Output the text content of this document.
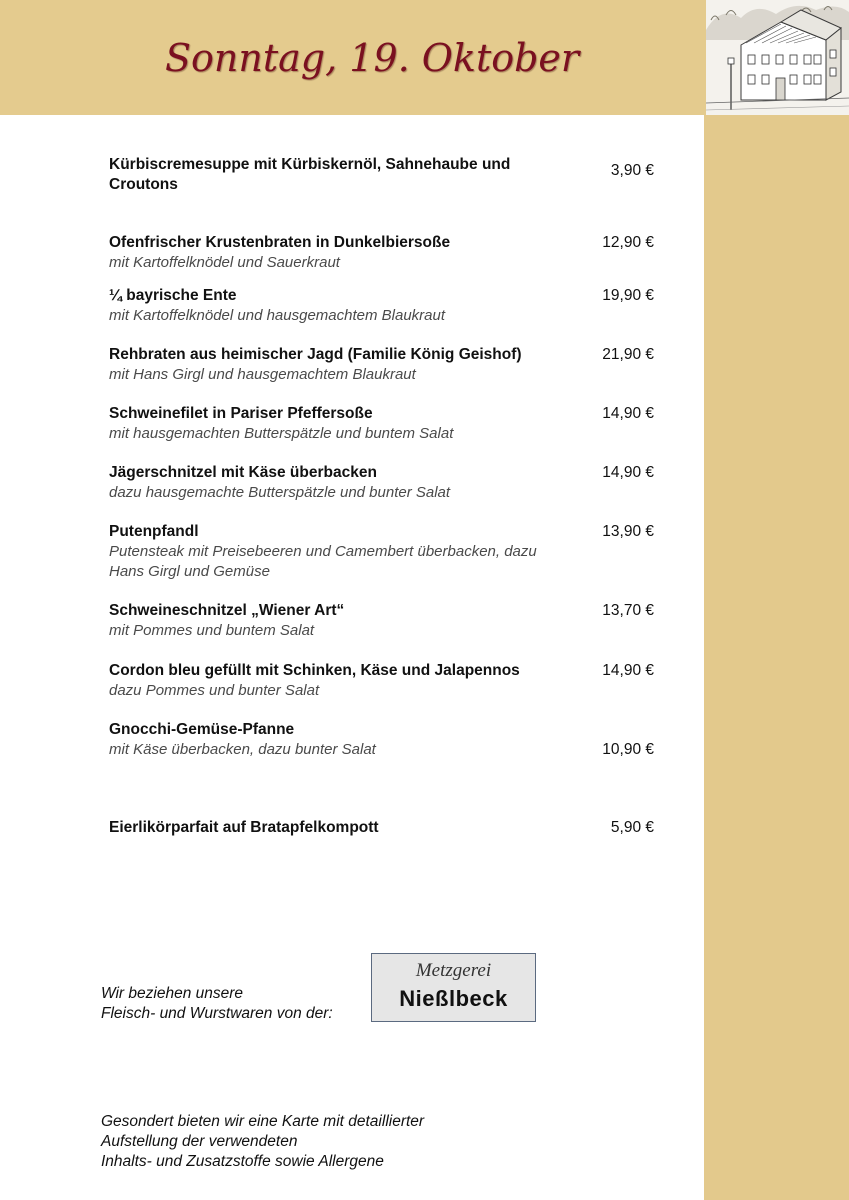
Sonntag, 19. Oktober
Kürbiscremesuppe mit Kürbiskernöl, Sahnehaube und Croutons
3,90 €
Ofenfrischer Krustenbraten in Dunkelbiersoße
mit Kartoffelknödel und Sauerkraut
12,90 €
¼ bayrische Ente
mit Kartoffelknödel und hausgemachtem Blaukraut
19,90 €
Rehbraten aus heimischer Jagd (Familie König Geishof)
mit Hans Girgl und hausgemachtem Blaukraut
21,90 €
Schweinefilet in Pariser Pfeffersoße
mit hausgemachten Butterspätzle und buntem Salat
14,90 €
Jägerschnitzel mit Käse überbacken
dazu hausgemachte Butterspätzle und bunter Salat
14,90 €
Putenpfandl
Putensteak mit Preisebeeren und Camembert überbacken, dazu Hans Girgl und Gemüse
13,90 €
Schweineschnitzel „Wiener Art“
mit Pommes und buntem Salat
13,70 €
Cordon bleu gefüllt mit Schinken, Käse und Jalapennos
dazu Pommes und bunter Salat
14,90 €
Gnocchi-Gemüse-Pfanne
mit Käse überbacken, dazu bunter Salat	10,90 €
Eierlikörparfait auf Bratapfelkompott	5,90 €
Wir beziehen unsere
Fleisch- und Wurstwaren von der:
Metzgerei
Nießlbeck
Gesondert bieten wir eine Karte mit detaillierter
Aufstellung der verwendeten
Inhalts- und Zusatzstoffe sowie Allergene
